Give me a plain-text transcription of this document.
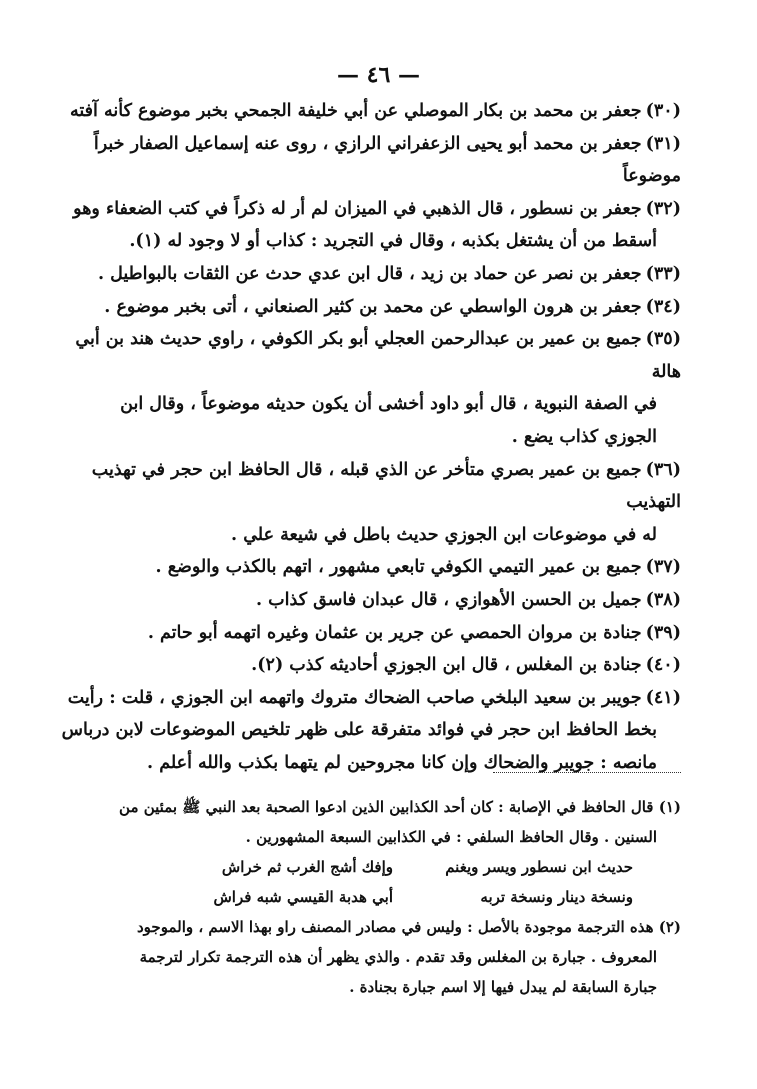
— ٤٦ —

(٣٠)جعفر بن محمد بن بكار الموصلي عن أبي خليفة الجمحي بخبر موضوع كأنه آفته

(٣١)جعفر بن محمد أبو يحيى الزعفراني الرازي ، روى عنه إسماعيل الصفار خبراً موضوعاً

(٣٢)جعفر بن نسطور ، قال الذهبي في الميزان لم أر له ذكراً في كتب الضعفاء وهو
أسقط من أن يشتغل بكذبه ، وقال في التجريد : كذاب أو لا وجود له (١).

(٣٣)جعفر بن نصر عن حماد بن زيد ، قال ابن عدي حدث عن الثقات بالبواطيل .

(٣٤)جعفر بن هرون الواسطي عن محمد بن كثير الصنعاني ، أتى بخبر موضوع .

(٣٥)جميع بن عمير بن عبدالرحمن العجلي أبو بكر الكوفي ، راوي حديث هند بن أبي هالة
في الصفة النبوية ، قال أبو داود أخشى أن يكون حديثه موضوعاً ، وقال ابن
الجوزي كذاب يضع .

(٣٦)جميع بن عمير بصري متأخر عن الذي قبله ، قال الحافظ ابن حجر في تهذيب التهذيب
له في موضوعات ابن الجوزي حديث باطل في شيعة علي .

(٣٧)جميع بن عمير التيمي الكوفي تابعي مشهور ، اتهم بالكذب والوضع .

(٣٨)جميل بن الحسن الأهوازي ، قال عبدان فاسق كذاب .

(٣٩)جنادة بن مروان الحمصي عن جرير بن عثمان وغيره اتهمه أبو حاتم .

(٤٠)جنادة بن المغلس ، قال ابن الجوزي أحاديثه كذب (٢).

(٤١)جويبر بن سعيد البلخي صاحب الضحاك متروك واتهمه ابن الجوزي ، قلت : رأيت
بخط الحافظ ابن حجر في فوائد متفرقة على ظهر تلخيص الموضوعات لابن درباس
مانصه : جويبر والضحاك وإن كانا مجروحين لم يتهما بكذب والله أعلم .

(١) قال الحافظ في الإصابة : كان أحد الكذابين الذين ادعوا الصحبة بعد النبي ﷺ بمئين من
السنين . وقال الحافظ السلفي : في الكذابين السبعة المشهورين .
حديث ابن نسطور ويسر ويغنم
وإفك أشج الغرب ثم خراش
ونسخة دينار ونسخة تربه
أبي هدبة القيسي شبه فراش
(٢) هذه الترجمة موجودة بالأصل : وليس في مصادر المصنف راو بهذا الاسم ، والموجود
المعروف . جبارة بن المغلس وقد تقدم . والذي يظهر أن هذه الترجمة تكرار لترجمة
جبارة السابقة لم يبدل فيها إلا اسم جبارة بجنادة .
